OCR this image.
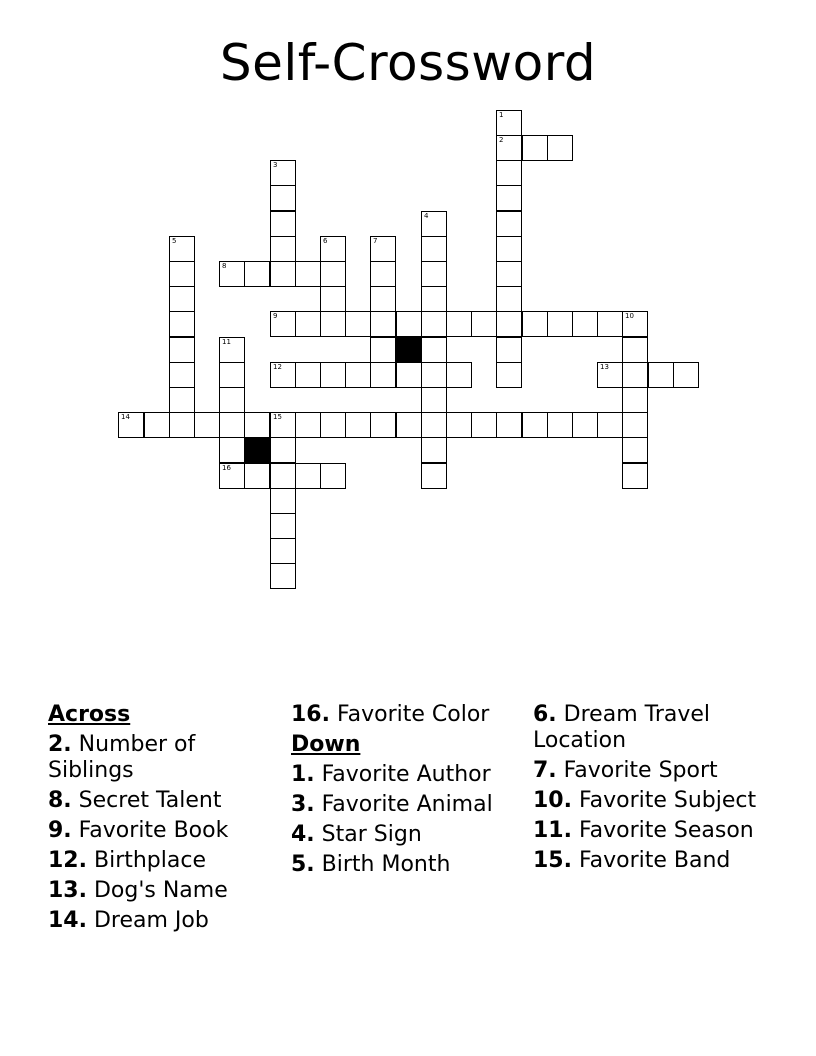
Self-Crossword
1
2
3
4
5	6	7
8
9	10
11
12	13
14	15
16
Across
2. Number of Siblings
8. Secret Talent
9. Favorite Book
12. Birthplace
13. Dog's Name
14. Dream Job
16. Favorite Color
Down
1. Favorite Author
3. Favorite Animal
4. Star Sign
5. Birth Month
6. Dream Travel Location
7. Favorite Sport
10. Favorite Subject
11. Favorite Season
15. Favorite Band
